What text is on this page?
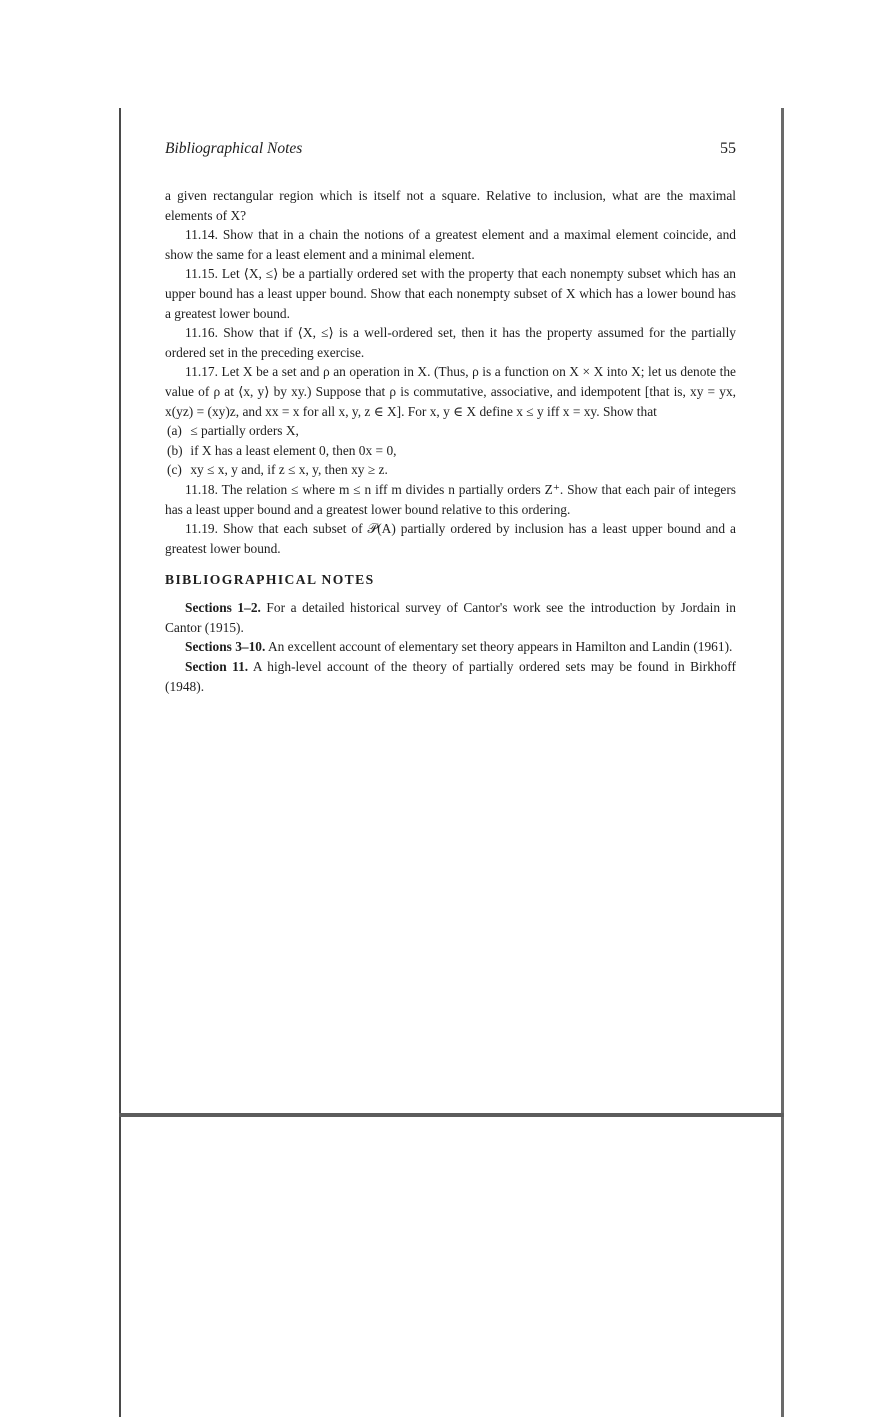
Bibliographical Notes	55

a given rectangular region which is itself not a square. Relative to inclusion, what are the maximal elements of X?

11.14. Show that in a chain the notions of a greatest element and a maximal element coincide, and show the same for a least element and a minimal element.

11.15. Let ⟨X, ≤⟩ be a partially ordered set with the property that each nonempty subset which has an upper bound has a least upper bound. Show that each nonempty subset of X which has a lower bound has a greatest lower bound.

11.16. Show that if ⟨X, ≤⟩ is a well-ordered set, then it has the property assumed for the partially ordered set in the preceding exercise.

11.17. Let X be a set and ρ an operation in X. (Thus, ρ is a function on X × X into X; let us denote the value of ρ at ⟨x, y⟩ by xy.) Suppose that ρ is commutative, associative, and idempotent [that is, xy = yx, x(yz) = (xy)z, and xx = x for all x, y, z ∈ X]. For x, y ∈ X define x ≤ y iff x = xy. Show that

(a) ≤ partially orders X,

(b) if X has a least element 0, then 0x = 0,

(c) xy ≤ x, y and, if z ≤ x, y, then xy ≥ z.

11.18. The relation ≤ where m ≤ n iff m divides n partially orders Z⁺. Show that each pair of integers has a least upper bound and a greatest lower bound relative to this ordering.

11.19. Show that each subset of 𝒫(A) partially ordered by inclusion has a least upper bound and a greatest lower bound.

BIBLIOGRAPHICAL NOTES

Sections 1–2. For a detailed historical survey of Cantor's work see the introduction by Jordain in Cantor (1915).

Sections 3–10. An excellent account of elementary set theory appears in Hamilton and Landin (1961).

Section 11. A high-level account of the theory of partially ordered sets may be found in Birkhoff (1948).
